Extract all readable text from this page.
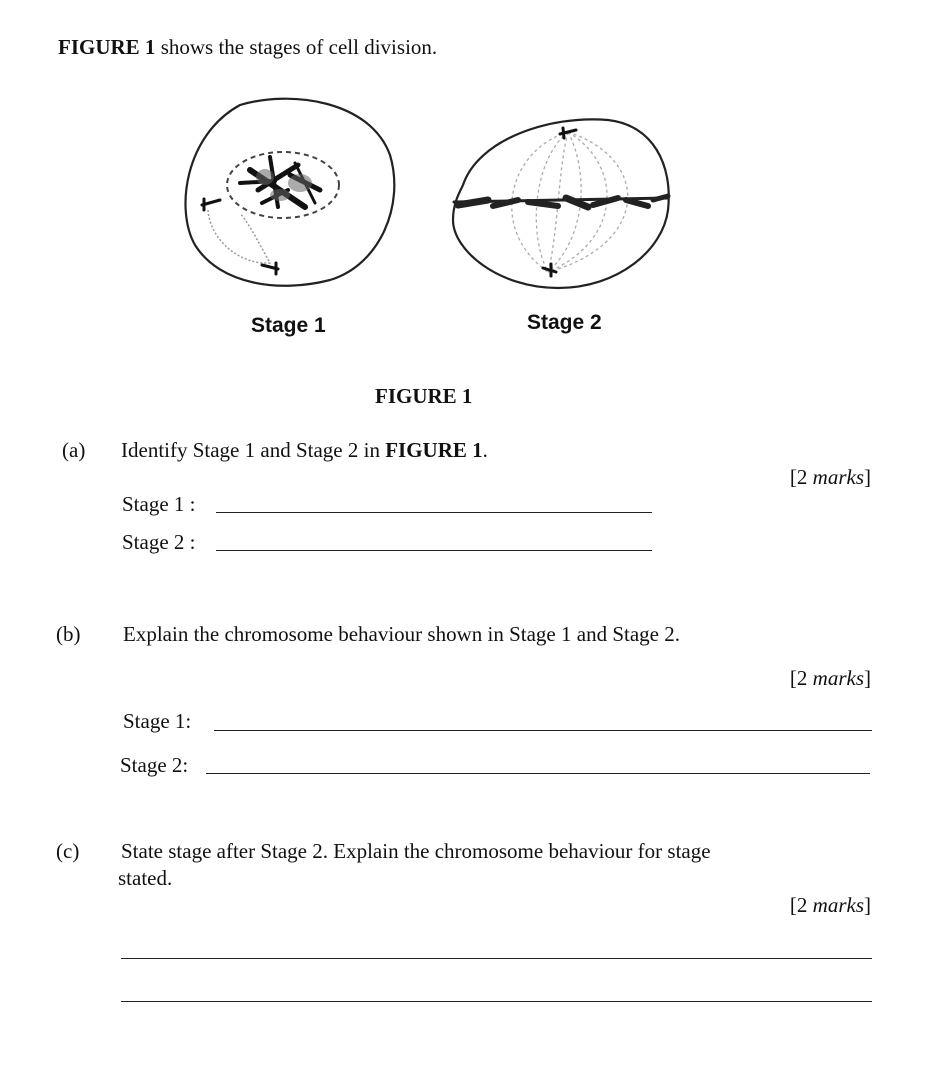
FIGURE 1 shows the stages of cell division.
Stage 1	Stage 2
FIGURE 1
(a) Identify Stage 1 and Stage 2 in FIGURE 1.
[2 marks]
Stage 1 :
Stage 2 :
(b) Explain the chromosome behaviour shown in Stage 1 and Stage 2.
[2 marks]
Stage 1:
Stage 2:
(c) State stage after Stage 2. Explain the chromosome behaviour for stage
stated.
[2 marks]
